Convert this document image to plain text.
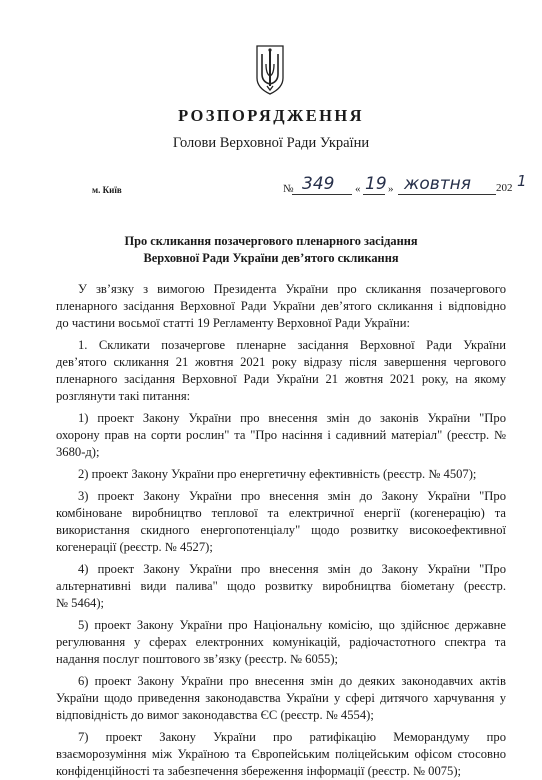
РОЗПОРЯДЖЕННЯ
Голови Верховної Ради України
м. Київ	№ 349 « 19 » жовтня 202 1
Про скликання позачергового пленарного засідання
Верховної Ради України дев’ятого скликання
У зв’язку з вимогою Президента України про скликання позачергового
пленарного засідання Верховної Ради України дев’ятого скликання і відповідно
до частини восьмої статті 19 Регламенту Верховної Ради України:
1. Скликати позачергове пленарне засідання Верховної Ради України
дев’ятого скликання 21 жовтня 2021 року відразу після завершення чергового
пленарного засідання Верховної Ради України 21 жовтня 2021 року, на якому
розглянути такі питання:
1) проект Закону України про внесення змін до законів України "Про
охорону прав на сорти рослин" та "Про насіння і садивний матеріал" (реєстр. №
3680-д);
2) проект Закону України про енергетичну ефективність (реєстр. № 4507);
3) проект Закону України про внесення змін до Закону України "Про
комбіноване виробництво теплової та електричної енергії (когенерацію) та
використання скидного енергопотенціалу" щодо розвитку високоефективної
когенерації (реєстр. № 4527);
4) проект Закону України про внесення змін до Закону України "Про
альтернативні види палива" щодо розвитку виробництва біометану (реєстр.
№ 5464);
5) проект Закону України про Національну комісію, що здійснює державне
регулювання у сферах електронних комунікацій, радіочастотного спектра та
надання послуг поштового зв’язку (реєстр. № 6055);
6) проект Закону України про внесення змін до деяких законодавчих актів
України щодо приведення законодавства України у сфері дитячого харчування у
відповідність до вимог законодавства ЄС (реєстр. № 4554);
7) проект Закону України про ратифікацію Меморандуму про
взаєморозуміння між Україною та Європейським поліцейським офісом стосовно
конфіденційності та забезпечення збереження інформації (реєстр. № 0075);
